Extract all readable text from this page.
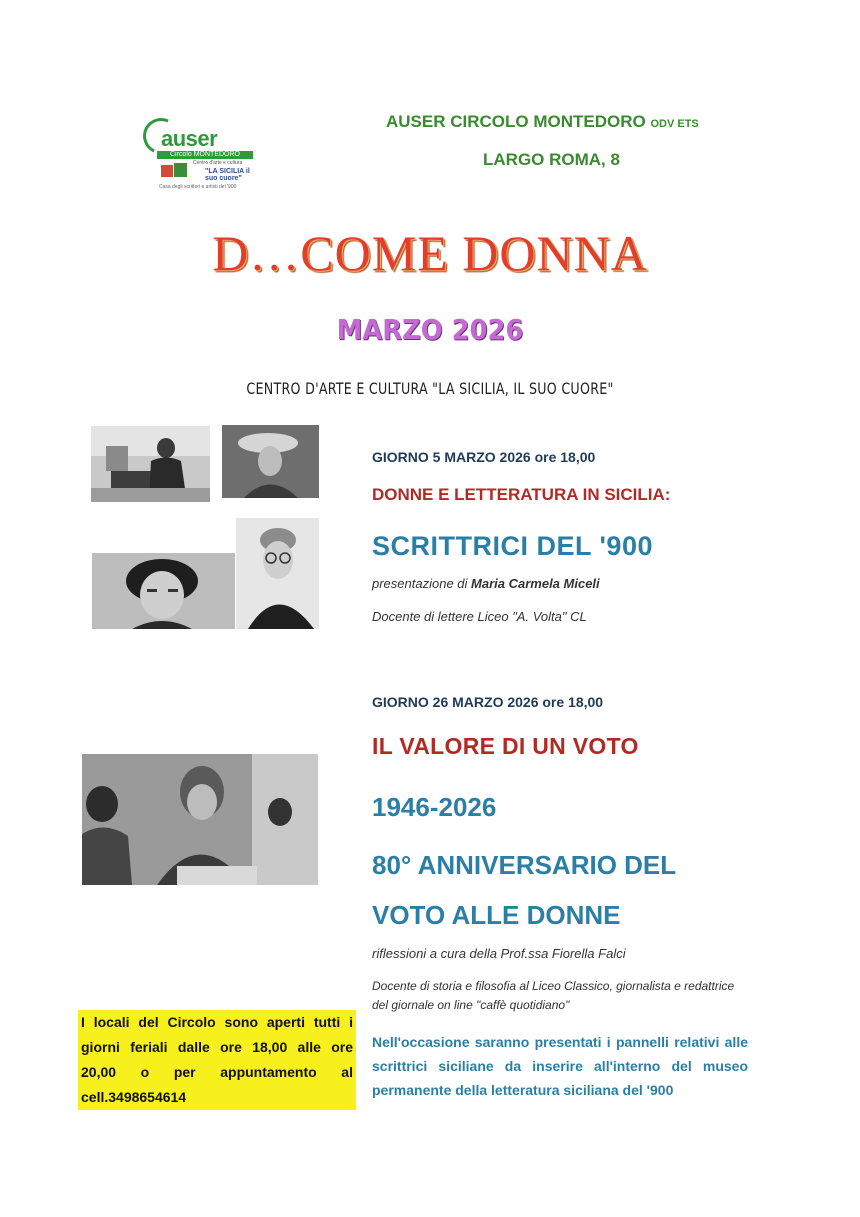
auser
Circolo MONTEDORO
Centro d'arte e cultura
"LA SICILIA il suo cuore"
Casa degli scrittori e artisti del '900
AUSER CIRCOLO MONTEDORO ODV ETS
LARGO ROMA, 8
D…COME DONNA
MARZO 2026
CENTRO D'ARTE E CULTURA "LA SICILIA, IL SUO CUORE"
GIORNO 5 MARZO 2026 ore 18,00
DONNE E LETTERATURA IN SICILIA:
SCRITTRICI DEL '900
presentazione di Maria Carmela Miceli
Docente di lettere Liceo "A. Volta" CL
GIORNO 26 MARZO 2026 ore 18,00
IL VALORE DI UN VOTO
1946-2026
80° ANNIVERSARIO DEL
VOTO ALLE DONNE
riflessioni a cura della Prof.ssa Fiorella Falci
Docente di storia e filosofia al Liceo Classico, giornalista e redattrice del giornale on line "caffè quotidiano"
I locali del Circolo sono aperti tutti i giorni feriali dalle ore 18,00 alle ore 20,00 o per appuntamento al cell.3498654614
Nell'occasione saranno presentati i pannelli relativi alle scrittrici siciliane da inserire all'interno del museo permanente della letteratura siciliana del '900
